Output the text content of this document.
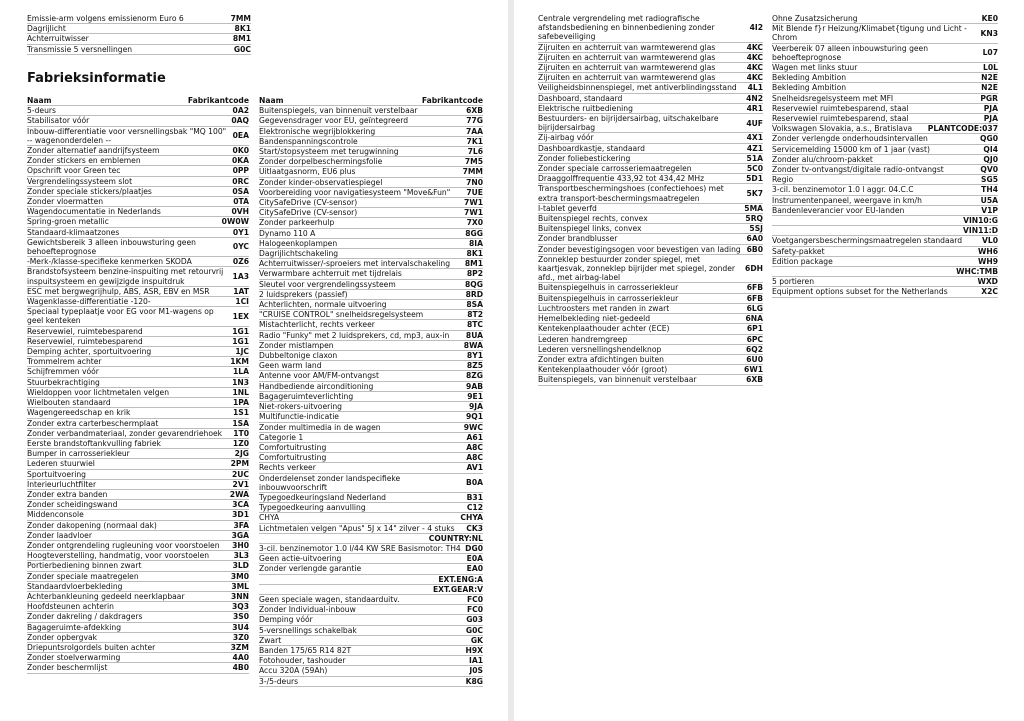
Emissie-arm volgens emissienorm Euro 6	7MM
Dagrijlicht	8K1
Achterruitwisser	8M1
Transmissie 5 versnellingen	G0C
Fabrieksinformatie
Naam	Fabrikantcode
5-deurs	0A2
Stabilisator vóór	0AQ
Inbouw-differentiatie voor versnellingsbak "MQ 100" -- wagenonderdelen --
0EA
Zonder alternatief aandrijfsysteem	0K0
Zonder stickers en emblemen	0KA
Opschrift voor Green tec	0PP
Vergrendelingssysteem slot	0RC
Zonder speciale stickers/plaatjes	0SA
Zonder vloermatten	0TA
Wagendocumentatie in Nederlands	0VH
Spring-groen metallic	0W0W
Standaard-klimaatzones	0Y1
Gewichtsbereik 3 alleen inbouwsturing geen behoefteprognose
0YC
-Merk-/klasse-specifieke kenmerken SKODA	0Z6
Brandstofsysteem benzine-inspuiting met retourvrij inspuitsysteem en gewijzigde inspuitdruk
1A3
ESC met bergwegrijhulp, ABS, ASR, EBV en MSR	1AT
Wagenklasse-differentiatie -120-	1CI
Speciaal typeplaatje voor EG voor M1-wagens op geel kenteken
1EX
Reservewiel, ruimtebesparend	1G1
Reservewiel, ruimtebesparend	1G1
Demping achter, sportuitvoering	1JC
Trommelrem achter	1KM
Schijfremmen vóór	1LA
Stuurbekrachtiging	1N3
Wieldoppen voor lichtmetalen velgen	1NL
Wielbouten standaard	1PA
Wagengereedschap en krik	1S1
Zonder extra carterbeschermplaat	1SA
Zonder verbandmateriaal, zonder gevarendriehoek	1T0
Eerste brandstoftankvulling fabriek	1Z0
Bumper in carrosseriekleur	2JG
Lederen stuurwiel	2PM
Sportuitvoering	2UC
Interieurluchtfilter	2V1
Zonder extra banden	2WA
Zonder scheidingswand	3CA
Middenconsole	3D1
Zonder dakopening (normaal dak)	3FA
Zonder laadvloer	3GA
Zonder ontgrendeling rugleuning voor voorstoelen	3H0
Hoogteverstelling, handmatig, voor voorstoelen	3L3
Portierbediening binnen zwart	3LD
Zonder speciale maatregelen	3M0
Standaardvloerbekleding	3ML
Achterbankleuning gedeeld neerklapbaar	3NN
Hoofdsteunen achterin	3Q3
Zonder dakreling / dakdragers	3S0
Bagageruimte-afdekking	3U4
Zonder opbergvak	3Z0
Driepuntsrolgordels buiten achter	3ZM
Zonder stoelverwarming	4A0
Zonder beschermlijst	4B0
Naam	Fabrikantcode
Buitenspiegels, van binnenuit verstelbaar	6XB
Gegevensdrager voor EU, geïntegreerd	77G
Elektronische wegrijblokkering	7AA
Bandenspanningscontrole	7K1
Start/stopsysteem met terugwinning	7L6
Zonder dorpelbeschermingsfolie	7M5
Uitlaatgasnorm, EU6 plus	7MM
Zonder kinder-observatiespiegel	7N0
Voorbereiding voor navigatiesysteem "Move&Fun"	7UE
CitySafeDrive (CV-sensor)	7W1
CitySafeDrive (CV-sensor)	7W1
Zonder parkeerhulp	7X0
Dynamo 110 A	8GG
Halogeenkoplampen	8IA
Dagrijlichtschakeling	8K1
Achterruitwisser/-sproeiers met intervalschakeling	8M1
Verwarmbare achterruit met tijdrelais	8P2
Sleutel voor vergrendelingssysteem	8QG
2 luidsprekers (passief)	8RD
Achterlichten, normale uitvoering	8SA
"CRUISE CONTROL" snelheidsregelsysteem	8T2
Mistachterlicht, rechts verkeer	8TC
Radio "Funky" met 2 luidsprekers, cd, mp3, aux-in	8UA
Zonder mistlampen	8WA
Dubbeltonige claxon	8Y1
Geen warm land	8Z5
Antenne voor AM/FM-ontvangst	8ZG
Handbediende airconditioning	9AB
Bagageruimteverlichting	9E1
Niet-rokers-uitvoering	9JA
Multifunctie-indicatie	9Q1
Zonder multimedia in de wagen	9WC
Categorie 1	A61
Comfortuitrusting	A8C
Comfortuitrusting	A8C
Rechts verkeer	AV1
Onderdelenset zonder landspecifieke inbouwvoorschrift
B0A
Typegoedkeuringsland Nederland	B31
Typegoedkeuring aanvulling	C12
CHYA	CHYA
Lichtmetalen velgen "Apus" 5J x 14" zilver - 4 stuks	CK3
COUNTRY:NL
3-cil. benzinemotor 1.0 l/44 KW SRE Basismotor: TH4 DG0
Geen actie-uitvoering	E0A
Zonder verlengde garantie	EA0
EXT.ENG:A
EXT.GEAR:V
Geen speciale wagen, standaarduitv.	FC0
Zonder Individual-inbouw	FC0
Demping vóór	G03
5-versnellings schakelbak	G0C
Zwart	GK
Banden 175/65 R14 82T	H9X
Fotohouder, tashouder	IA1
Accu 320A (59Ah)	J0S
3-/5-deurs	K8G
Centrale vergrendeling met radiografische afstandsbediening en binnenbediening zonder safebeveiliging
4I2
Zijruiten en achterruit van warmtewerend glas	4KC
Zijruiten en achterruit van warmtewerend glas	4KC
Zijruiten en achterruit van warmtewerend glas	4KC
Zijruiten en achterruit van warmtewerend glas	4KC
Veiligheidsbinnenspiegel, met antiverblindingsstand	4L1
Dashboard, standaard	4N2
Elektrische ruitbediening	4R1
Bestuurders- en bijrijdersairbag, uitschakelbare bijrijdersairbag
4UF
Zij-airbag vóór	4X1
Dashboardkastje, standaard	4Z1
Zonder foliebestickering	51A
Zonder speciale carrosseriemaatregelen	5C0
Draaggolffrequentie 433,92 tot 434,42 MHz	5D1
Transportbeschermingshoes (confectiehoes) met extra transport-beschermingsmaatregelen
5K7
I-tablet geverfd	5MA
Buitenspiegel rechts, convex	5RQ
Buitenspiegel links, convex	5SJ
Zonder brandblusser	6A0
Zonder bevestigingsogen voor bevestigen van lading 6B0
Zonneklep bestuurder zonder spiegel, met kaartjesvak, zonneklep bijrijder met spiegel, zonder afd., met airbag-label
6DH
Buitenspiegelhuis in carrosseriekleur	6FB
Buitenspiegelhuis in carrosseriekleur	6FB
Luchtroosters met randen in zwart	6LG
Hemelbekleding niet-gedeeld	6NA
Kentekenplaathouder achter (ECE)	6P1
Lederen handremgreep	6PC
Lederen versnellingshendelknop	6Q2
Zonder extra afdichtingen buiten	6U0
Kentekenplaathouder vóór (groot)	6W1
Buitenspiegels, van binnenuit verstelbaar	6XB
Ohne Zusatzsicherung	KE0
Mit Blende f}r Heizung/Klimabet{tigung und Licht - Chrom
KN3
Veerbereik 07 alleen inbouwsturing geen behoefteprognose
L07
Wagen met links stuur	L0L
Bekleding Ambition	N2E
Bekleding Ambition	N2E
Snelheidsregelsysteem met MFI	PGR
Reservewiel ruimtebesparend, staal	PJA
Reservewiel ruimtebesparend, staal	PJA
Volkswagen Slovakia, a.s., Bratislava	PLANTCODE:037
Zonder verlengde onderhoudsintervallen	QG0
Servicemelding 15000 km of 1 jaar (vast)	QI4
Zonder alu/chroom-pakket	QJ0
Zonder tv-ontvangst/digitale radio-ontvangst	QV0
Regio	SG5
3-cil. benzinemotor 1.0 l aggr. 04.C.C	TH4
Instrumentenpaneel, weergave in km/h	U5A
Bandenleverancier voor EU-landen	V1P
VIN10:G
VIN11:D
Voetgangersbeschermingsmaatregelen standaard	VL0
Safety-pakket	WH6
Edition package	WH9
WHC:TMB
5 portieren	WXD
Equipment options subset for the Netherlands	X2C
